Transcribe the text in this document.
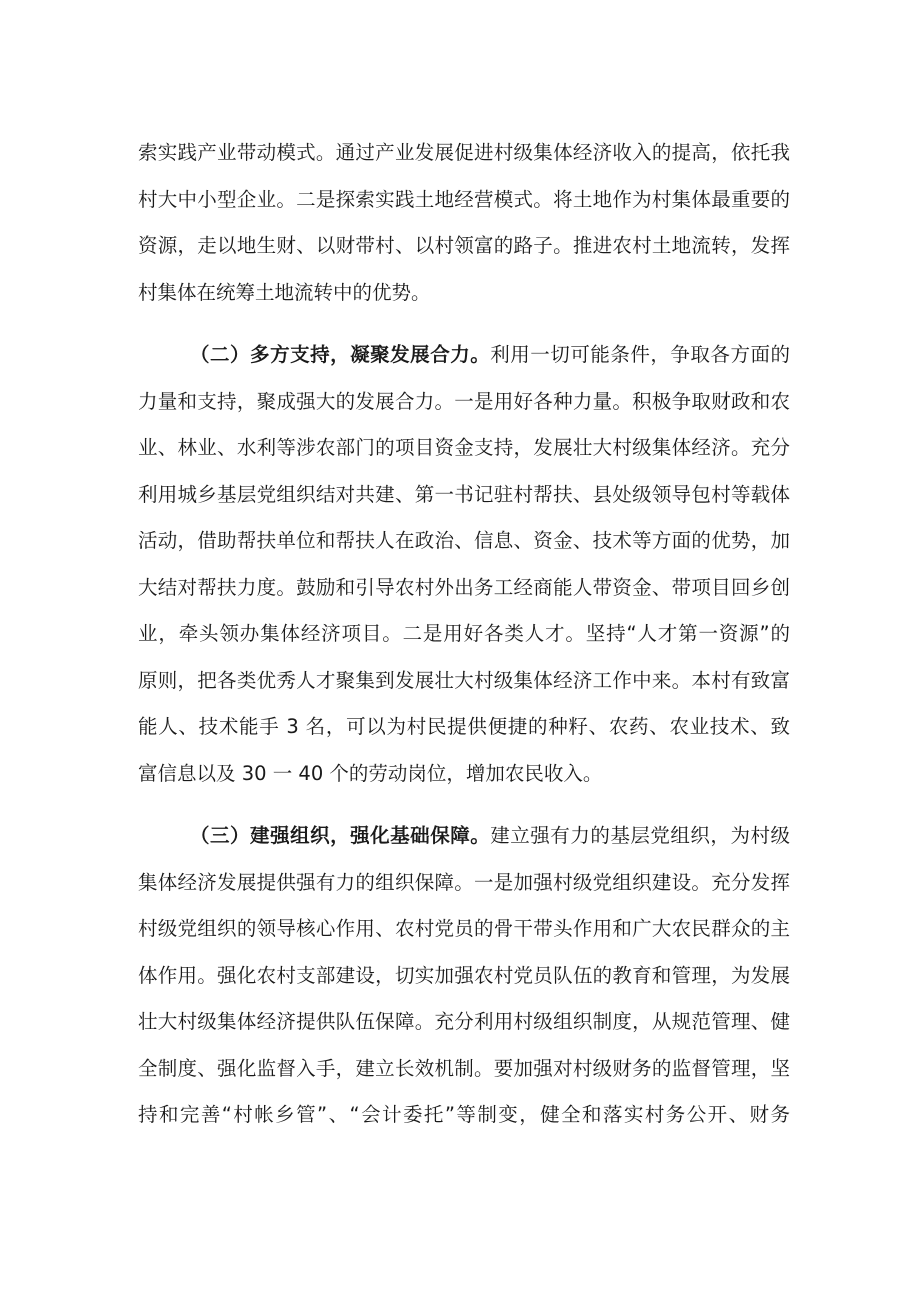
索实践产业带动模式。通过产业发展促进村级集体经济收入的提高，依托我
村大中小型企业。二是探索实践土地经营模式。将土地作为村集体最重要的
资源，走以地生财、以财带村、以村领富的路子。推进农村土地流转，发挥
村集体在统筹土地流转中的优势。
（二）多方支持，凝聚发展合力。利用一切可能条件，争取各方面的
力量和支持，聚成强大的发展合力。一是用好各种力量。积极争取财政和农
业、林业、水利等涉农部门的项目资金支持，发展壮大村级集体经济。充分
利用城乡基层党组织结对共建、第一书记驻村帮扶、县处级领导包村等载体
活动，借助帮扶单位和帮扶人在政治、信息、资金、技术等方面的优势，加
大结对帮扶力度。鼓励和引导农村外出务工经商能人带资金、带项目回乡创
业，牵头领办集体经济项目。二是用好各类人才。坚持“人才第一资源”的
原则，把各类优秀人才聚集到发展壮大村级集体经济工作中来。本村有致富
能人、技术能手 3 名，可以为村民提供便捷的种籽、农药、农业技术、致
富信息以及 30 一 40 个的劳动岗位，增加农民收入。
（三）建强组织，强化基础保障。建立强有力的基层党组织，为村级
集体经济发展提供强有力的组织保障。一是加强村级党组织建设。充分发挥
村级党组织的领导核心作用、农村党员的骨干带头作用和广大农民群众的主
体作用。强化农村支部建设，切实加强农村党员队伍的教育和管理，为发展
壮大村级集体经济提供队伍保障。充分利用村级组织制度，从规范管理、健
全制度、强化监督入手，建立长效机制。要加强对村级财务的监督管理，坚
持和完善“村帐乡管”、“会计委托”等制变，健全和落实村务公开、财务
